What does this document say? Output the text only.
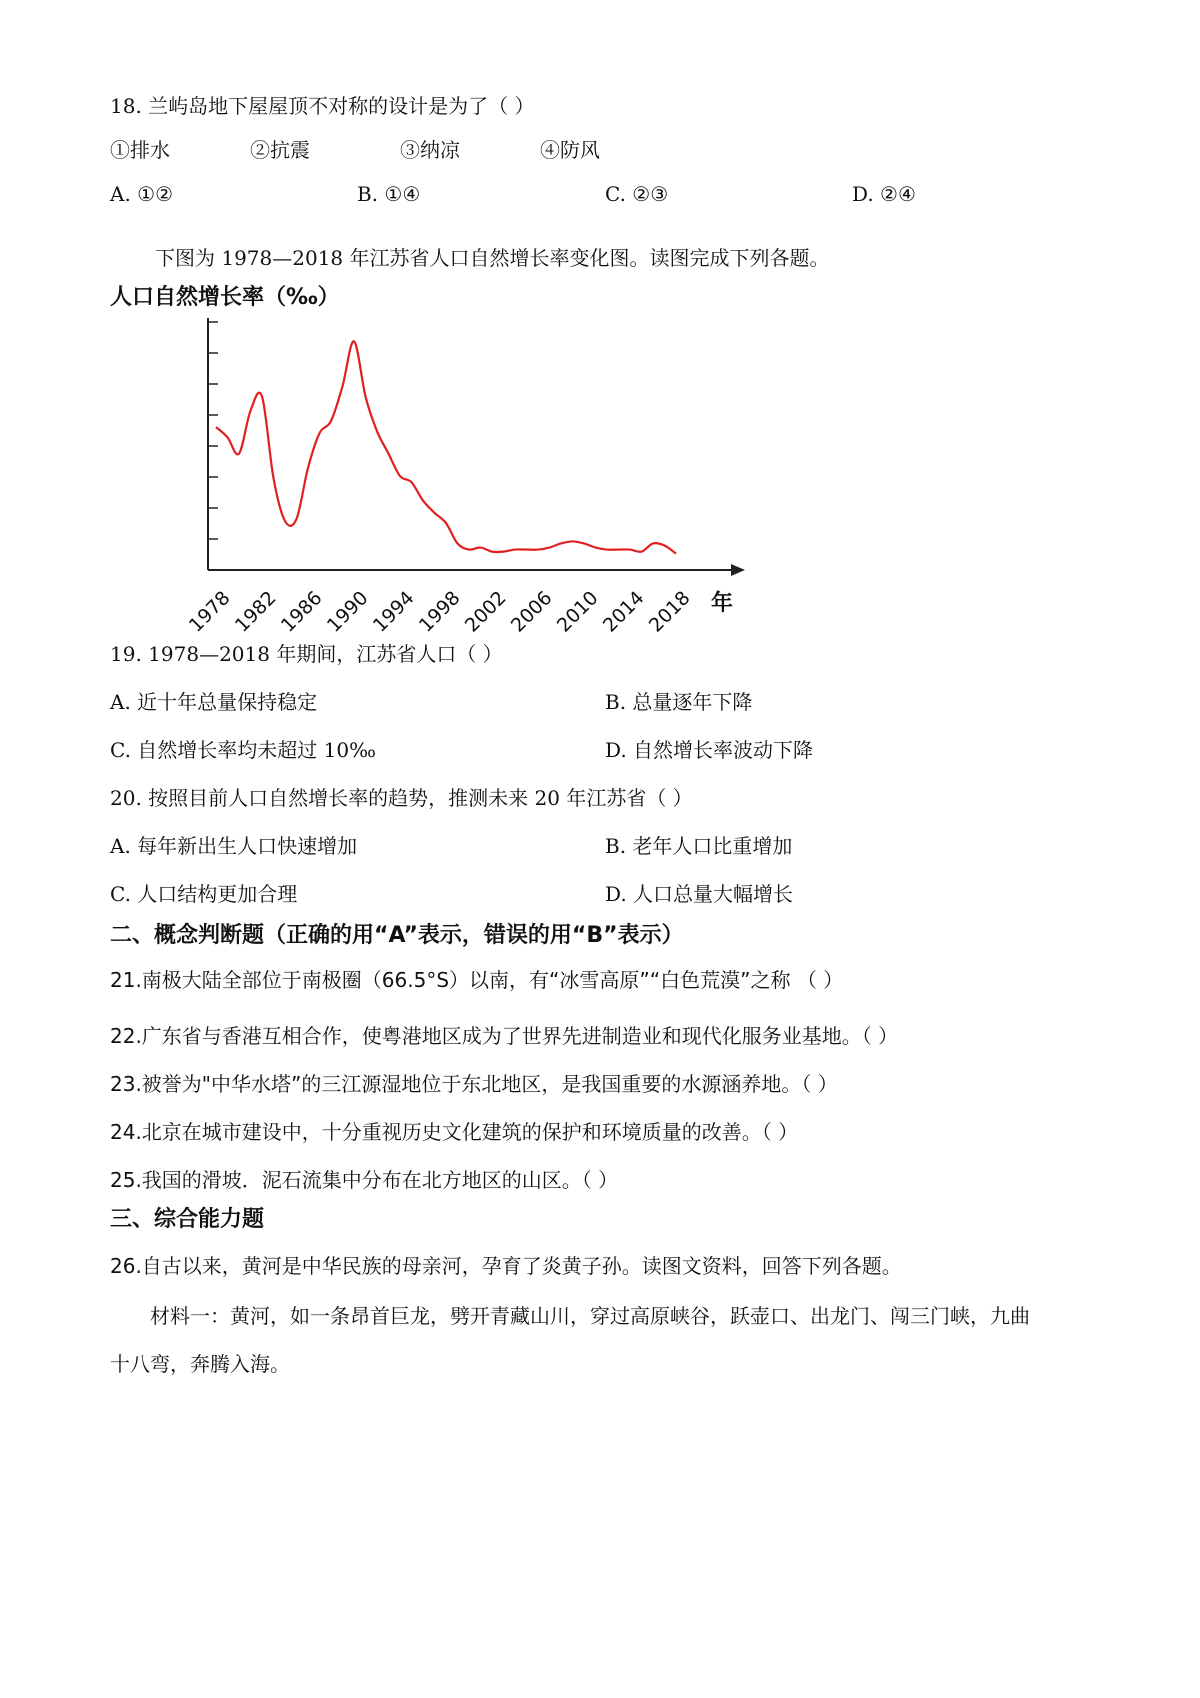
18. 兰屿岛地下屋屋顶不对称的设计是为了（ ）
①排水	②抗震	③纳凉	④防风
A. ①②	B. ①④	C. ②③	D. ②④
下图为 1978—2018 年江苏省人口自然增长率变化图。读图完成下列各题。
人口自然增长率（‰）
1978
1982
1986
1990
1994
1998
2002
2006
2010
2014
2018 年
19. 1978—2018 年期间，江苏省人口（ ）
A. 近十年总量保持稳定	B. 总量逐年下降
C. 自然增长率均未超过 10‰	D. 自然增长率波动下降
20. 按照目前人口自然增长率的趋势，推测未来 20 年江苏省（ ）
A. 每年新出生人口快速增加	B. 老年人口比重增加
C. 人口结构更加合理	D. 人口总量大幅增长
二、概念判断题（正确的用“A”表示，错误的用“B”表示）
21.南极大陆全部位于南极圈（66.5°S）以南，有“冰雪高原”“白色荒漠”之称 （ ）
22.广东省与香港互相合作，使粤港地区成为了世界先进制造业和现代化服务业基地。（ ）
23.被誉为"中华水塔”的三江源湿地位于东北地区，是我国重要的水源涵养地。（ ）
24.北京在城市建设中，十分重视历史文化建筑的保护和环境质量的改善。（ ）
25.我国的滑坡．泥石流集中分布在北方地区的山区。（ ）
三、综合能力题
26.自古以来，黄河是中华民族的母亲河，孕育了炎黄子孙。读图文资料，回答下列各题。
材料一：黄河，如一条昂首巨龙，劈开青藏山川，穿过高原峡谷，跃壶口、出龙门、闯三门峡，九曲
十八弯，奔腾入海。
